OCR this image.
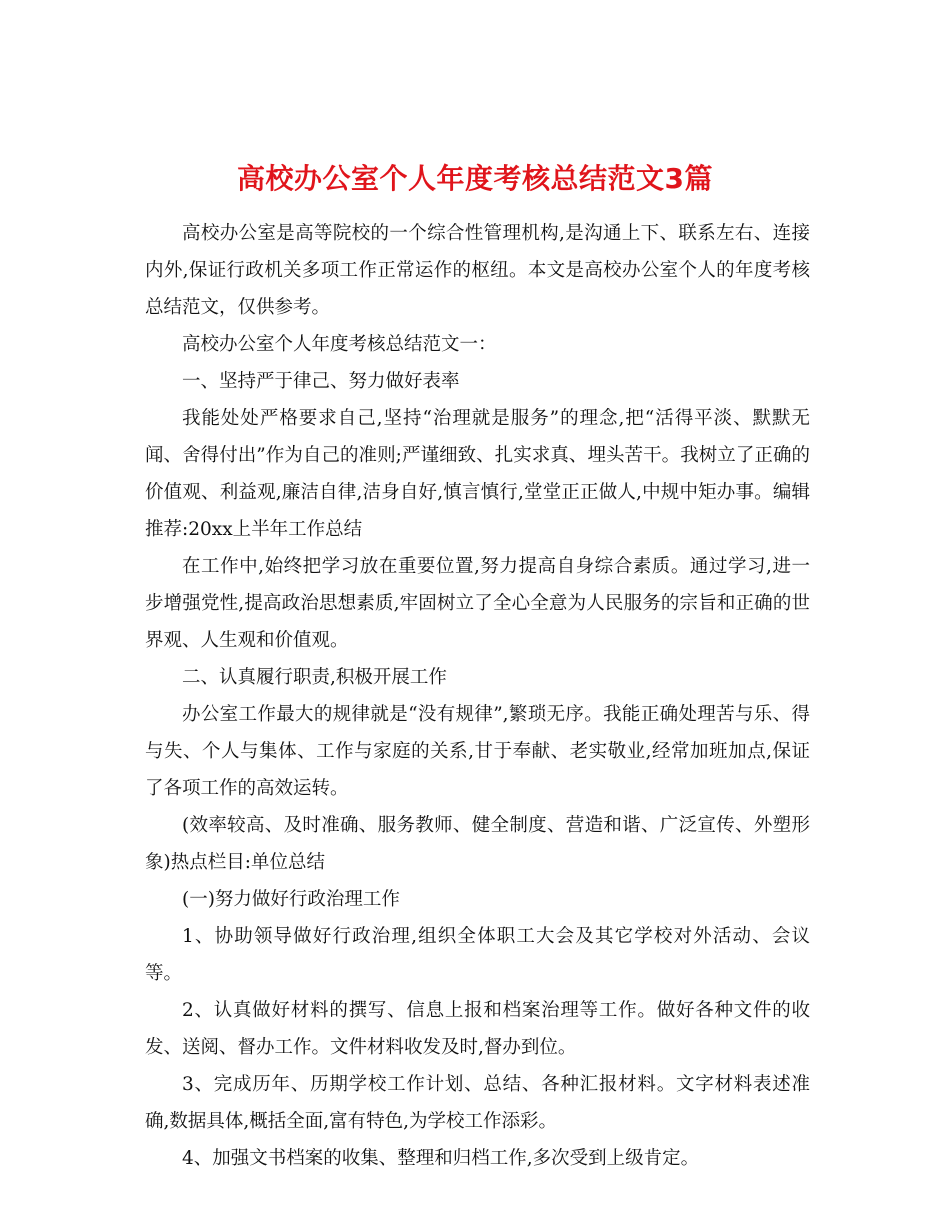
高校办公室个人年度考核总结范文3篇

高校办公室是高等院校的一个综合性管理机构,是沟通上下、联系左右、连接内外,保证行政机关多项工作正常运作的枢纽。本文是高校办公室个人的年度考核总结范文，仅供参考。

高校办公室个人年度考核总结范文一：

一、坚持严于律己、努力做好表率

我能处处严格要求自己,坚持“治理就是服务”的理念,把“活得平淡、默默无闻、舍得付出”作为自己的准则;严谨细致、扎实求真、埋头苦干。我树立了正确的价值观、利益观,廉洁自律,洁身自好,慎言慎行,堂堂正正做人,中规中矩办事。编辑推荐:20xx上半年工作总结

在工作中,始终把学习放在重要位置,努力提高自身综合素质。通过学习,进一步增强党性,提高政治思想素质,牢固树立了全心全意为人民服务的宗旨和正确的世界观、人生观和价值观。

二、认真履行职责,积极开展工作

办公室工作最大的规律就是“没有规律”,繁琐无序。我能正确处理苦与乐、得与失、个人与集体、工作与家庭的关系,甘于奉献、老实敬业,经常加班加点,保证了各项工作的高效运转。

(效率较高、及时准确、服务教师、健全制度、营造和谐、广泛宣传、外塑形象)热点栏目:单位总结

(一)努力做好行政治理工作

1、协助领导做好行政治理,组织全体职工大会及其它学校对外活动、会议等。

2、认真做好材料的撰写、信息上报和档案治理等工作。做好各种文件的收发、送阅、督办工作。文件材料收发及时,督办到位。

3、完成历年、历期学校工作计划、总结、各种汇报材料。文字材料表述准确,数据具体,概括全面,富有特色,为学校工作添彩。

4、加强文书档案的收集、整理和归档工作,多次受到上级肯定。
